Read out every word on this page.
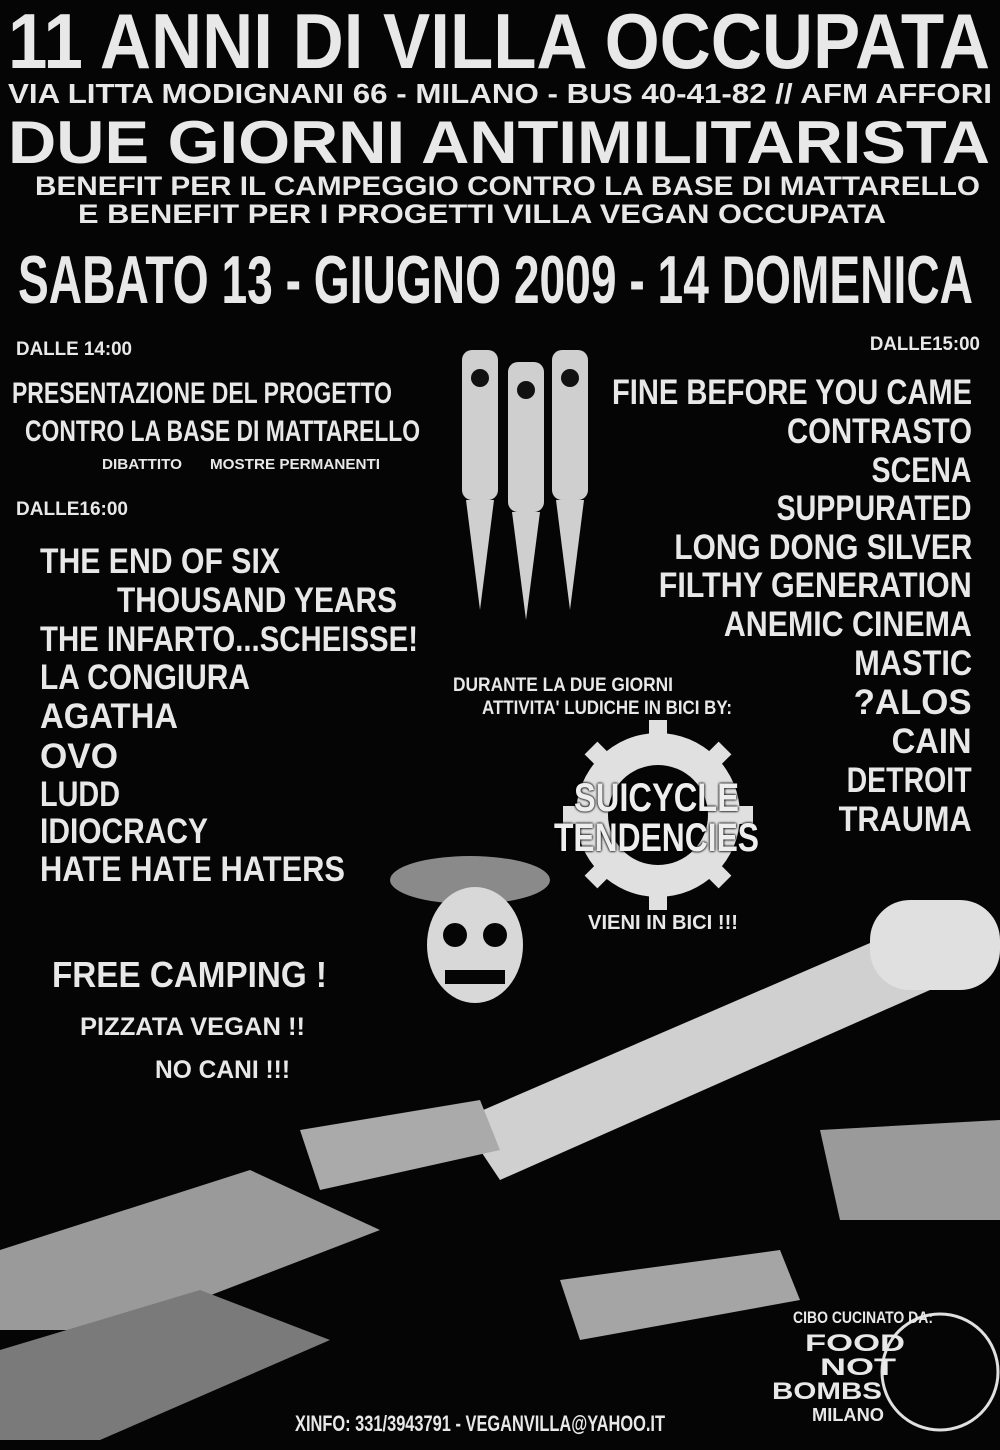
11 ANNI DI VILLA OCCUPATA
VIA LITTA MODIGNANI 66 - MILANO - BUS 40-41-82 // AFM AFFORI
DUE GIORNI ANTIMILITARISTA
BENEFIT PER IL CAMPEGGIO CONTRO LA BASE DI MATTARELLO
E BENEFIT PER I PROGETTI VILLA VEGAN OCCUPATA
SABATO 13 - GIUGNO 2009 - 14 DOMENICA
DALLE 14:00
PRESENTAZIONE DEL PROGETTO
CONTRO LA BASE DI MATTARELLO
DIBATTITO MOSTRE PERMANENTI
DALLE16:00
THE END OF SIX
THOUSAND YEARS
THE INFARTO...SCHEISSE!
LA CONGIURA
AGATHA
OVO
LUDD
IDIOCRACY
HATE HATE HATERS
DALLE15:00
FINE BEFORE YOU CAME
CONTRASTO
SCENA
SUPPURATED
LONG DONG SILVER
FILTHY GENERATION
ANEMIC CINEMA
MASTIC
?ALOS
CAIN
DETROIT
TRAUMA
DURANTE LA DUE GIORNI
ATTIVITA' LUDICHE IN BICI BY:
SUICYCLE
TENDENCIES
VIENI IN BICI !!!
FREE CAMPING !
PIZZATA VEGAN !!
NO CANI !!!
CIBO CUCINATO DA:
FOOD
NOT
BOMBS
MILANO
XINFO: 331/3943791 - VEGANVILLA@YAHOO.IT
